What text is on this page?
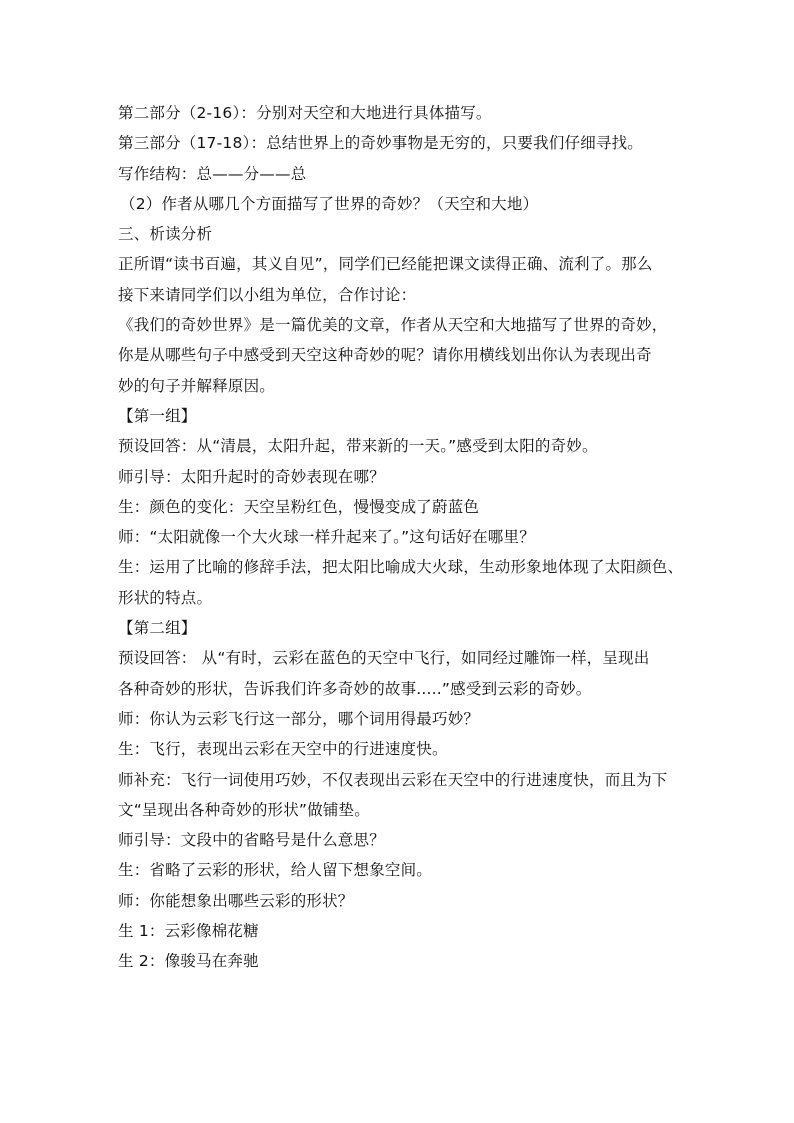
第二部分（2-16）：分别对天空和大地进行具体描写。
第三部分（17-18）：总结世界上的奇妙事物是无穷的，只要我们仔细寻找。
写作结构：总——分——总
（2）作者从哪几个方面描写了世界的奇妙？（天空和大地）
三、析读分析
正所谓“读书百遍，其义自见”，同学们已经能把课文读得正确、流利了。那么
接下来请同学们以小组为单位，合作讨论：
《我们的奇妙世界》是一篇优美的文章，作者从天空和大地描写了世界的奇妙，
你是从哪些句子中感受到天空这种奇妙的呢？请你用横线划出你认为表现出奇
妙的句子并解释原因。
【第一组】
预设回答：从“清晨，太阳升起，带来新的一天。”感受到太阳的奇妙。
师引导：太阳升起时的奇妙表现在哪？
生：颜色的变化：天空呈粉红色，慢慢变成了蔚蓝色
师：“太阳就像一个大火球一样升起来了。”这句话好在哪里？
生：运用了比喻的修辞手法，把太阳比喻成大火球，生动形象地体现了太阳颜色、
形状的特点。
【第二组】
预设回答： 从“有时，云彩在蓝色的天空中飞行，如同经过雕饰一样，呈现出
各种奇妙的形状，告诉我们许多奇妙的故事.....”感受到云彩的奇妙。
师：你认为云彩飞行这一部分，哪个词用得最巧妙？
生：飞行，表现出云彩在天空中的行进速度快。
师补充：飞行一词使用巧妙，不仅表现出云彩在天空中的行进速度快，而且为下
文“呈现出各种奇妙的形状”做铺垫。
师引导：文段中的省略号是什么意思？
生：省略了云彩的形状，给人留下想象空间。
师：你能想象出哪些云彩的形状？
生 1：云彩像棉花糖
生 2：像骏马在奔驰
